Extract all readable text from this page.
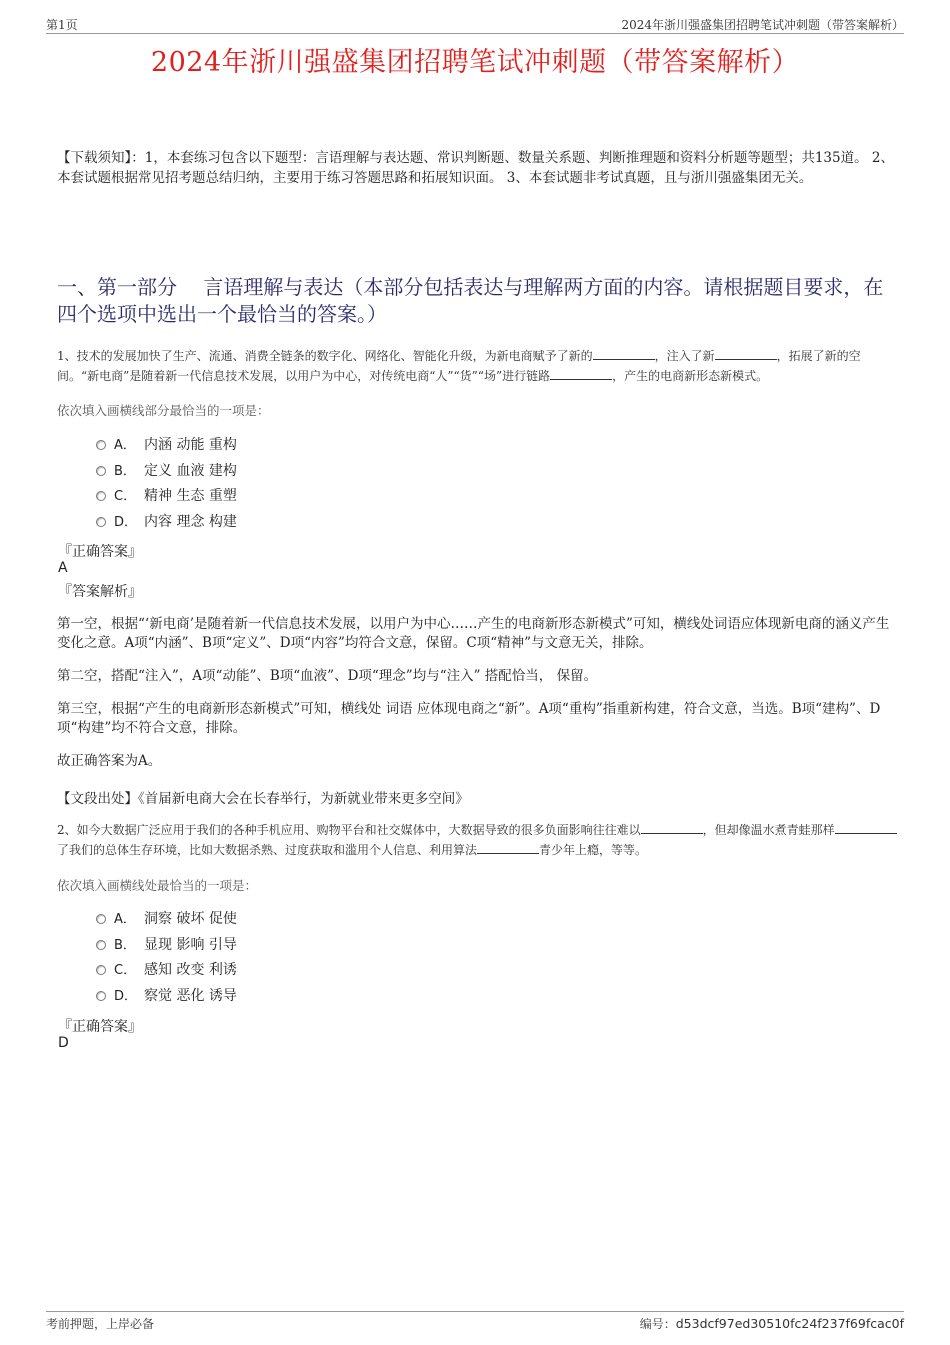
第1页	2024年浙川强盛集团招聘笔试冲刺题（带答案解析）
2024年浙川强盛集团招聘笔试冲刺题（带答案解析）
【下载须知】：1，本套练习包含以下题型：言语理解与表达题、常识判断题、数量关系题、判断推理题和资料分析题等题型；共135道。 2、本套试题根据常见招考题总结归纳，主要用于练习答题思路和拓展知识面。 3、本套试题非考试真题，且与浙川强盛集团无关。
一、第一部分　 言语理解与表达（本部分包括表达与理解两方面的内容。请根据题目要求，在四个选项中选出一个最恰当的答案。）
1、技术的发展加快了生产、流通、消费全链条的数字化、网络化、智能化升级，为新电商赋予了新的	，注入了新	，拓展了新的空间。“新电商”是随着新一代信息技术发展，以用户为中心，对传统电商“人”“货”“场”进行链路	，产生的电商新形态新模式。
依次填入画横线部分最恰当的一项是：
A． 内涵 动能 重构
B． 定义 血液 建构
C． 精神 生态 重塑
D． 内容 理念 构建
『正确答案』
A
『答案解析』
第一空，根据“‘新电商’是随着新一代信息技术发展，以用户为中心……产生的电商新形态新模式”可知，横线处词语应体现新电商的涵义产生变化之意。A项“内涵”、B项“定义”、D项“内容”均符合文意，保留。C项“精神”与文意无关，排除。
第二空，搭配“注入”，A项“动能”、B项“血液”、D项“理念”均与“注入” 搭配恰当， 保留。
第三空，根据“产生的电商新形态新模式”可知，横线处 词语 应体现电商之“新”。A项“重构”指重新构建，符合文意，当选。B项“建构”、D项“构建”均不符合文意，排除。
故正确答案为A。
【文段出处】《首届新电商大会在长春举行，为新就业带来更多空间》
2、如今大数据广泛应用于我们的各种手机应用、购物平台和社交媒体中，大数据导致的很多负面影响往往难以	，但却像温水煮青蛙那样了我们的总体生存环境，比如大数据杀熟、过度获取和滥用个人信息、利用算法	青少年上瘾，等等。
依次填入画横线处最恰当的一项是：
A． 洞察 破坏 促使
B． 显现 影响 引导
C． 感知 改变 利诱
D． 察觉 恶化 诱导
『正确答案』
D
考前押题，上岸必备	编号：d53dcf97ed30510fc24f237f69fcac0f
